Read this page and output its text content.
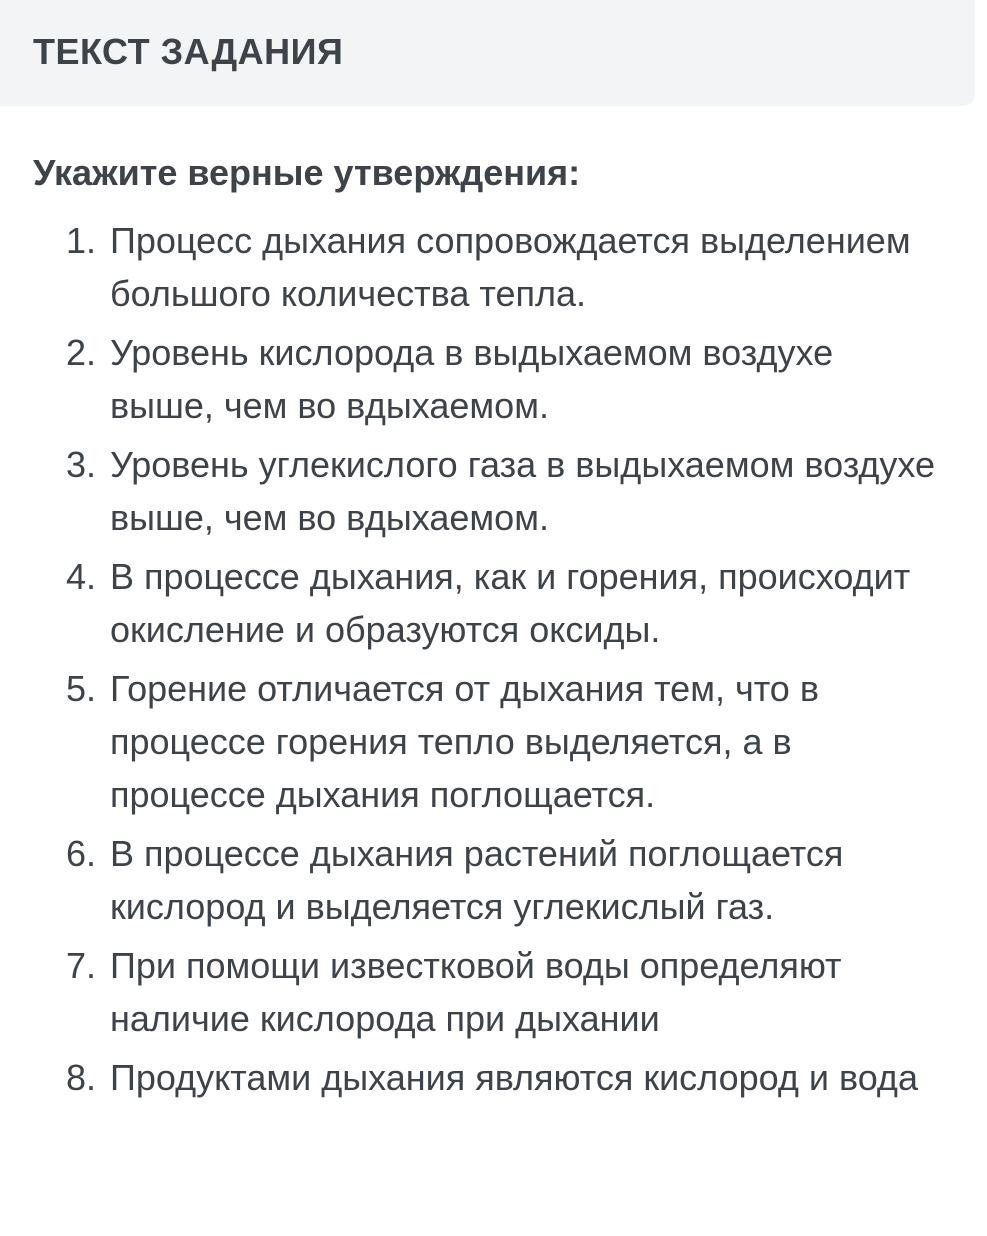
ТЕКСТ ЗАДАНИЯ
Укажите верные утверждения:
1. Процесс дыхания сопровождается выделением большого количества тепла.
2. Уровень кислорода в выдыхаемом воздухе выше, чем во вдыхаемом.
3. Уровень углекислого газа в выдыхаемом воздухе выше, чем во вдыхаемом.
4. В процессе дыхания, как и горения, происходит окисление и образуются оксиды.
5. Горение отличается от дыхания тем, что в процессе горения тепло выделяется, а в процессе дыхания поглощается.
6. В процессе дыхания растений поглощается кислород и выделяется углекислый газ.
7. При помощи известковой воды определяют наличие кислорода при дыхании
8. Продуктами дыхания являются кислород и вода
